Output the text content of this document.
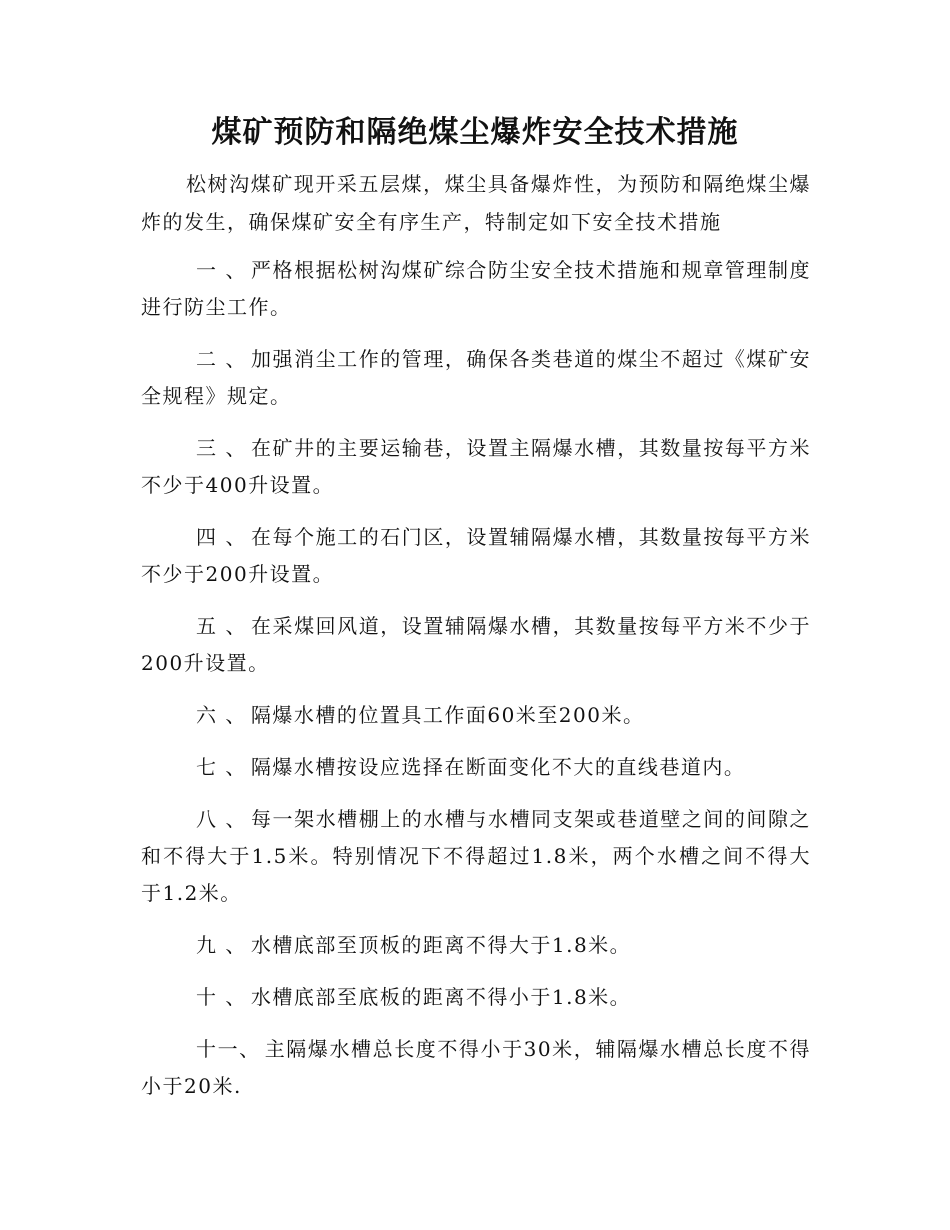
煤矿预防和隔绝煤尘爆炸安全技术措施

松树沟煤矿现开采五层煤，煤尘具备爆炸性，为预防和隔绝煤尘爆炸的发生，确保煤矿安全有序生产，特制定如下安全技术措施

一 、 严格根据松树沟煤矿综合防尘安全技术措施和规章管理制度进行防尘工作。

二 、 加强消尘工作的管理，确保各类巷道的煤尘不超过《煤矿安全规程》规定。

三 、 在矿井的主要运输巷，设置主隔爆水槽，其数量按每平方米不少于400升设置。

四 、 在每个施工的石门区，设置辅隔爆水槽，其数量按每平方米不少于200升设置。

五 、 在采煤回风道，设置辅隔爆水槽，其数量按每平方米不少于200升设置。

六 、 隔爆水槽的位置具工作面60米至200米。

七 、 隔爆水槽按设应选择在断面变化不大的直线巷道内。

八 、 每一架水槽棚上的水槽与水槽同支架或巷道壁之间的间隙之和不得大于1.5米。特别情况下不得超过1.8米，两个水槽之间不得大于1.2米。

九 、 水槽底部至顶板的距离不得大于1.8米。

十 、 水槽底部至底板的距离不得小于1.8米。

十一、 主隔爆水槽总长度不得小于30米，辅隔爆水槽总长度不得小于20米.
